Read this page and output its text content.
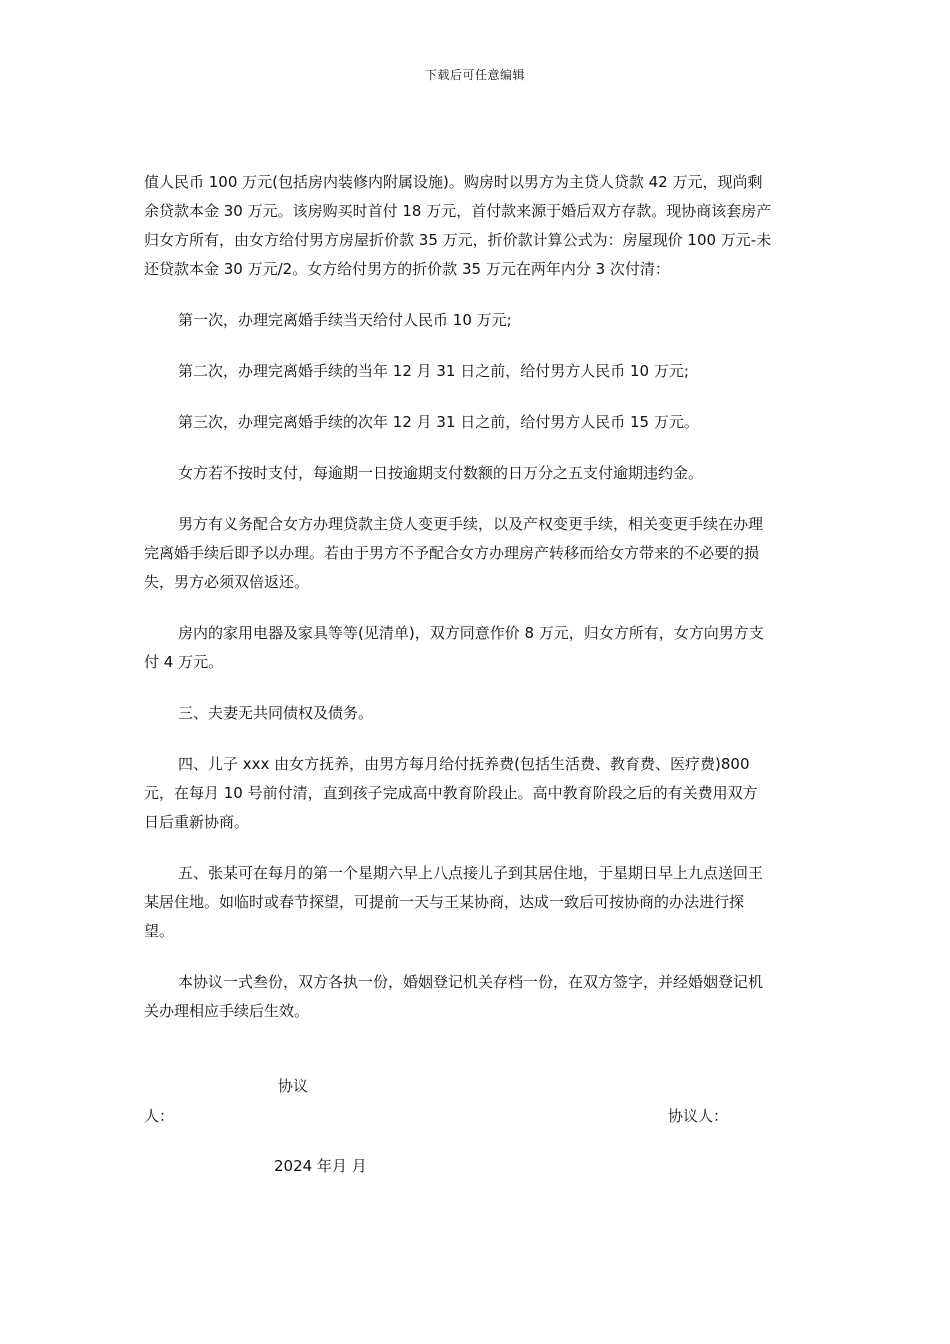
下载后可任意编辑

值人民币 100 万元(包括房内装修内附属设施)。购房时以男方为主贷人贷款 42 万元，现尚剩余贷款本金 30 万元。该房购买时首付 18 万元，首付款来源于婚后双方存款。现协商该套房产归女方所有，由女方给付男方房屋折价款 35 万元，折价款计算公式为：房屋现价 100 万元-未还贷款本金 30 万元/2。女方给付男方的折价款 35 万元在两年内分 3 次付清：

第一次，办理完离婚手续当天给付人民币 10 万元;

第二次，办理完离婚手续的当年 12 月 31 日之前，给付男方人民币 10 万元;

第三次，办理完离婚手续的次年 12 月 31 日之前，给付男方人民币 15 万元。

女方若不按时支付，每逾期一日按逾期支付数额的日万分之五支付逾期违约金。

男方有义务配合女方办理贷款主贷人变更手续，以及产权变更手续，相关变更手续在办理完离婚手续后即予以办理。若由于男方不予配合女方办理房产转移而给女方带来的不必要的损失，男方必须双倍返还。

房内的家用电器及家具等等(见清单)，双方同意作价 8 万元，归女方所有，女方向男方支付 4 万元。

三、夫妻无共同债权及债务。

四、儿子 xxx 由女方抚养，由男方每月给付抚养费(包括生活费、教育费、医疗费)800 元，在每月 10 号前付清，直到孩子完成高中教育阶段止。高中教育阶段之后的有关费用双方日后重新协商。

五、张某可在每月的第一个星期六早上八点接儿子到其居住地，于星期日早上九点送回王某居住地。如临时或春节探望，可提前一天与王某协商，达成一致后可按协商的办法进行探望。

本协议一式叁份，双方各执一份，婚姻登记机关存档一份，在双方签字，并经婚姻登记机关办理相应手续后生效。

协议
人：	协议人：
2024 年月 月
